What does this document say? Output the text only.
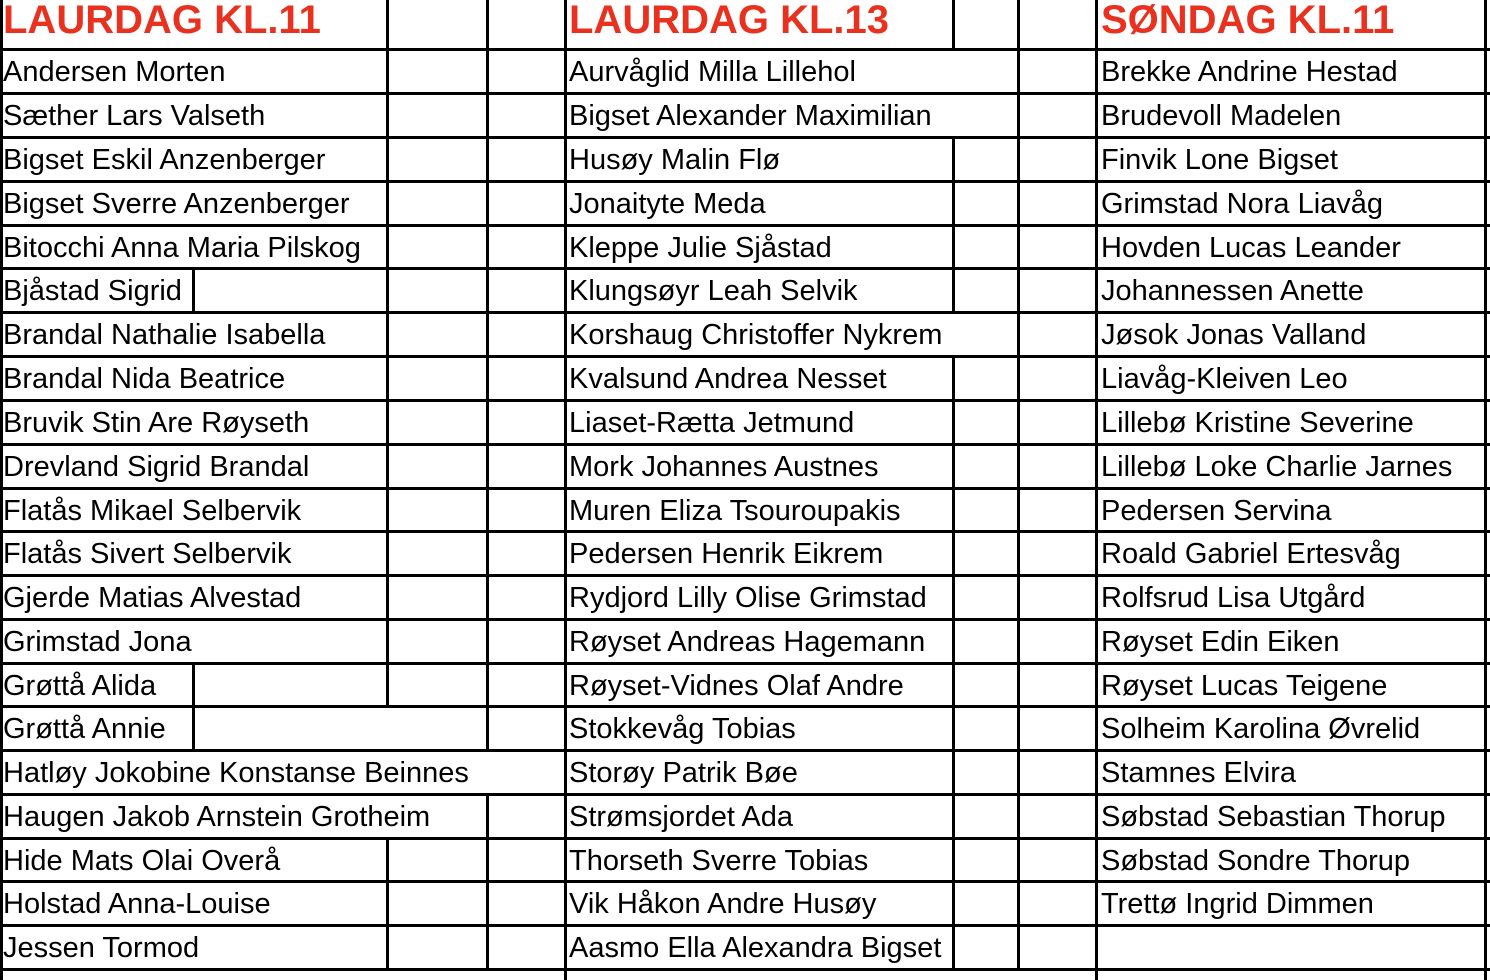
LAURDAG KL.11
Andersen Morten
Sæther Lars Valseth
Bigset Eskil Anzenberger
Bigset Sverre Anzenberger
Bitocchi Anna Maria Pilskog
Bjåstad Sigrid
Brandal Nathalie Isabella
Brandal Nida Beatrice
Bruvik Stin Are Røyseth
Drevland Sigrid Brandal
Flatås Mikael Selbervik
Flatås Sivert Selbervik
Gjerde Matias Alvestad
Grimstad Jona
Grøttå Alida
Grøttå Annie
Hatløy Jokobine Konstanse Beinnes
Haugen Jakob Arnstein Grotheim
Hide Mats Olai Overå
Holstad Anna-Louise
Jessen Tormod
LAURDAG KL.13
Aurvåglid Milla Lillehol
Bigset Alexander Maximilian
Husøy Malin Flø
Jonaityte Meda
Kleppe Julie Sjåstad
Klungsøyr Leah Selvik
Korshaug Christoffer Nykrem
Kvalsund Andrea Nesset
Liaset-Rætta Jetmund
Mork Johannes Austnes
Muren Eliza Tsouroupakis
Pedersen Henrik Eikrem
Rydjord Lilly Olise Grimstad
Røyset Andreas Hagemann
Røyset-Vidnes Olaf Andre
Stokkevåg Tobias
Storøy Patrik Bøe
Strømsjordet Ada
Thorseth Sverre Tobias
Vik Håkon Andre Husøy
Aasmo Ella Alexandra Bigset
SØNDAG KL.11
Brekke Andrine Hestad
Brudevoll Madelen
Finvik Lone Bigset
Grimstad Nora Liavåg
Hovden Lucas Leander
Johannessen Anette
Jøsok Jonas Valland
Liavåg-Kleiven Leo
Lillebø Kristine Severine
Lillebø Loke Charlie Jarnes
Pedersen Servina
Roald Gabriel Ertesvåg
Rolfsrud Lisa Utgård
Røyset Edin Eiken
Røyset Lucas Teigene
Solheim Karolina Øvrelid
Stamnes Elvira
Søbstad Sebastian Thorup
Søbstad Sondre Thorup
Trettø Ingrid Dimmen
